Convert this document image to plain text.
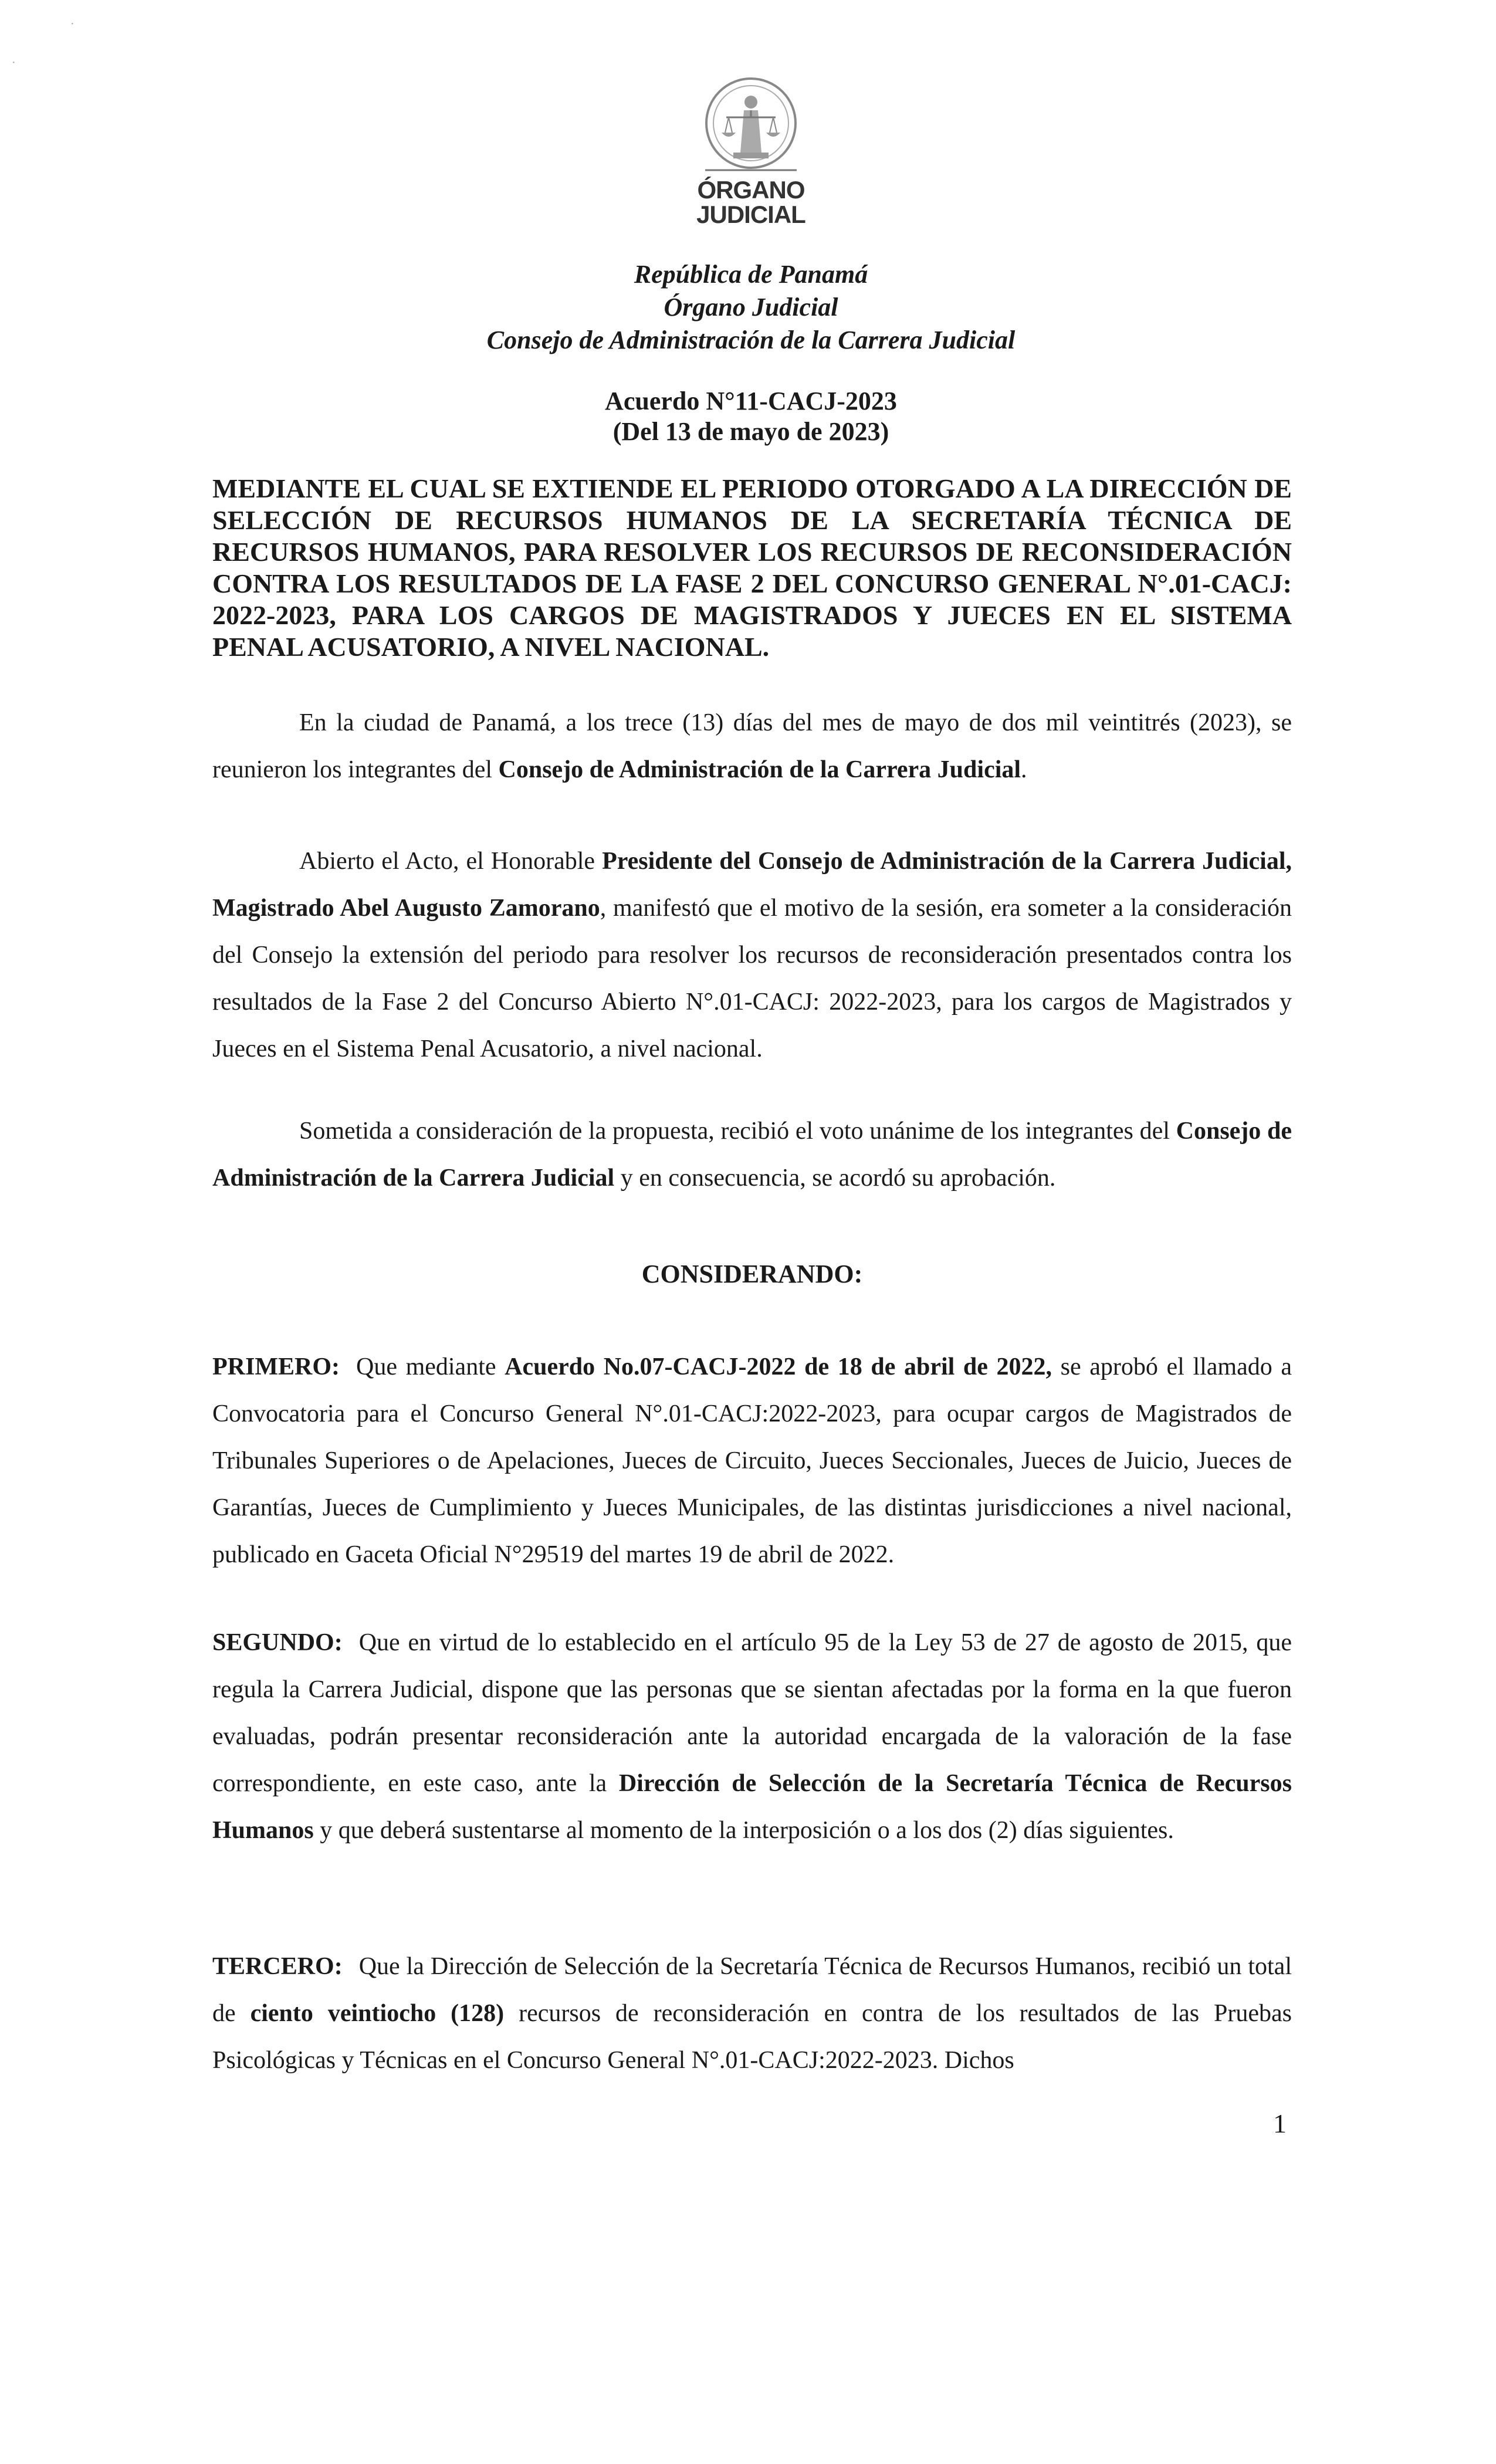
·
·
ÓRGANO
JUDICIAL
República de Panamá
Órgano Judicial
Consejo de Administración de la Carrera Judicial
Acuerdo N°11-CACJ-2023
(Del 13 de mayo de 2023)
MEDIANTE EL CUAL SE EXTIENDE EL PERIODO OTORGADO A LA DIRECCIÓN DE SELECCIÓN DE RECURSOS HUMANOS DE LA SECRETARÍA TÉCNICA DE RECURSOS HUMANOS, PARA RESOLVER LOS RECURSOS DE RECONSIDERACIÓN CONTRA LOS RESULTADOS DE LA FASE 2 DEL CONCURSO GENERAL N°.01-CACJ: 2022-2023, PARA LOS CARGOS DE MAGISTRADOS Y JUECES EN EL SISTEMA PENAL ACUSATORIO, A NIVEL NACIONAL.
En la ciudad de Panamá, a los trece (13) días del mes de mayo de dos mil veintitrés (2023), se reunieron los integrantes del Consejo de Administración de la Carrera Judicial.
Abierto el Acto, el Honorable Presidente del Consejo de Administración de la Carrera Judicial, Magistrado Abel Augusto Zamorano, manifestó que el motivo de la sesión, era someter a la consideración del Consejo la extensión del periodo para resolver los recursos de reconsideración presentados contra los resultados de la Fase 2 del Concurso Abierto N°.01-CACJ: 2022-2023, para los cargos de Magistrados y Jueces en el Sistema Penal Acusatorio, a nivel nacional.
Sometida a consideración de la propuesta, recibió el voto unánime de los integrantes del Consejo de Administración de la Carrera Judicial y en consecuencia, se acordó su aprobación.
CONSIDERANDO:
PRIMERO: Que mediante Acuerdo No.07-CACJ-2022 de 18 de abril de 2022, se aprobó el llamado a Convocatoria para el Concurso General N°.01-CACJ:2022-2023, para ocupar cargos de Magistrados de Tribunales Superiores o de Apelaciones, Jueces de Circuito, Jueces Seccionales, Jueces de Juicio, Jueces de Garantías, Jueces de Cumplimiento y Jueces Municipales, de las distintas jurisdicciones a nivel nacional, publicado en Gaceta Oficial N°29519 del martes 19 de abril de 2022.
SEGUNDO: Que en virtud de lo establecido en el artículo 95 de la Ley 53 de 27 de agosto de 2015, que regula la Carrera Judicial, dispone que las personas que se sientan afectadas por la forma en la que fueron evaluadas, podrán presentar reconsideración ante la autoridad encargada de la valoración de la fase correspondiente, en este caso, ante la Dirección de Selección de la Secretaría Técnica de Recursos Humanos y que deberá sustentarse al momento de la interposición o a los dos (2) días siguientes.
TERCERO: Que la Dirección de Selección de la Secretaría Técnica de Recursos Humanos, recibió un total de ciento veintiocho (128) recursos de reconsideración en contra de los resultados de las Pruebas Psicológicas y Técnicas en el Concurso General N°.01-CACJ:2022-2023. Dichos
1
